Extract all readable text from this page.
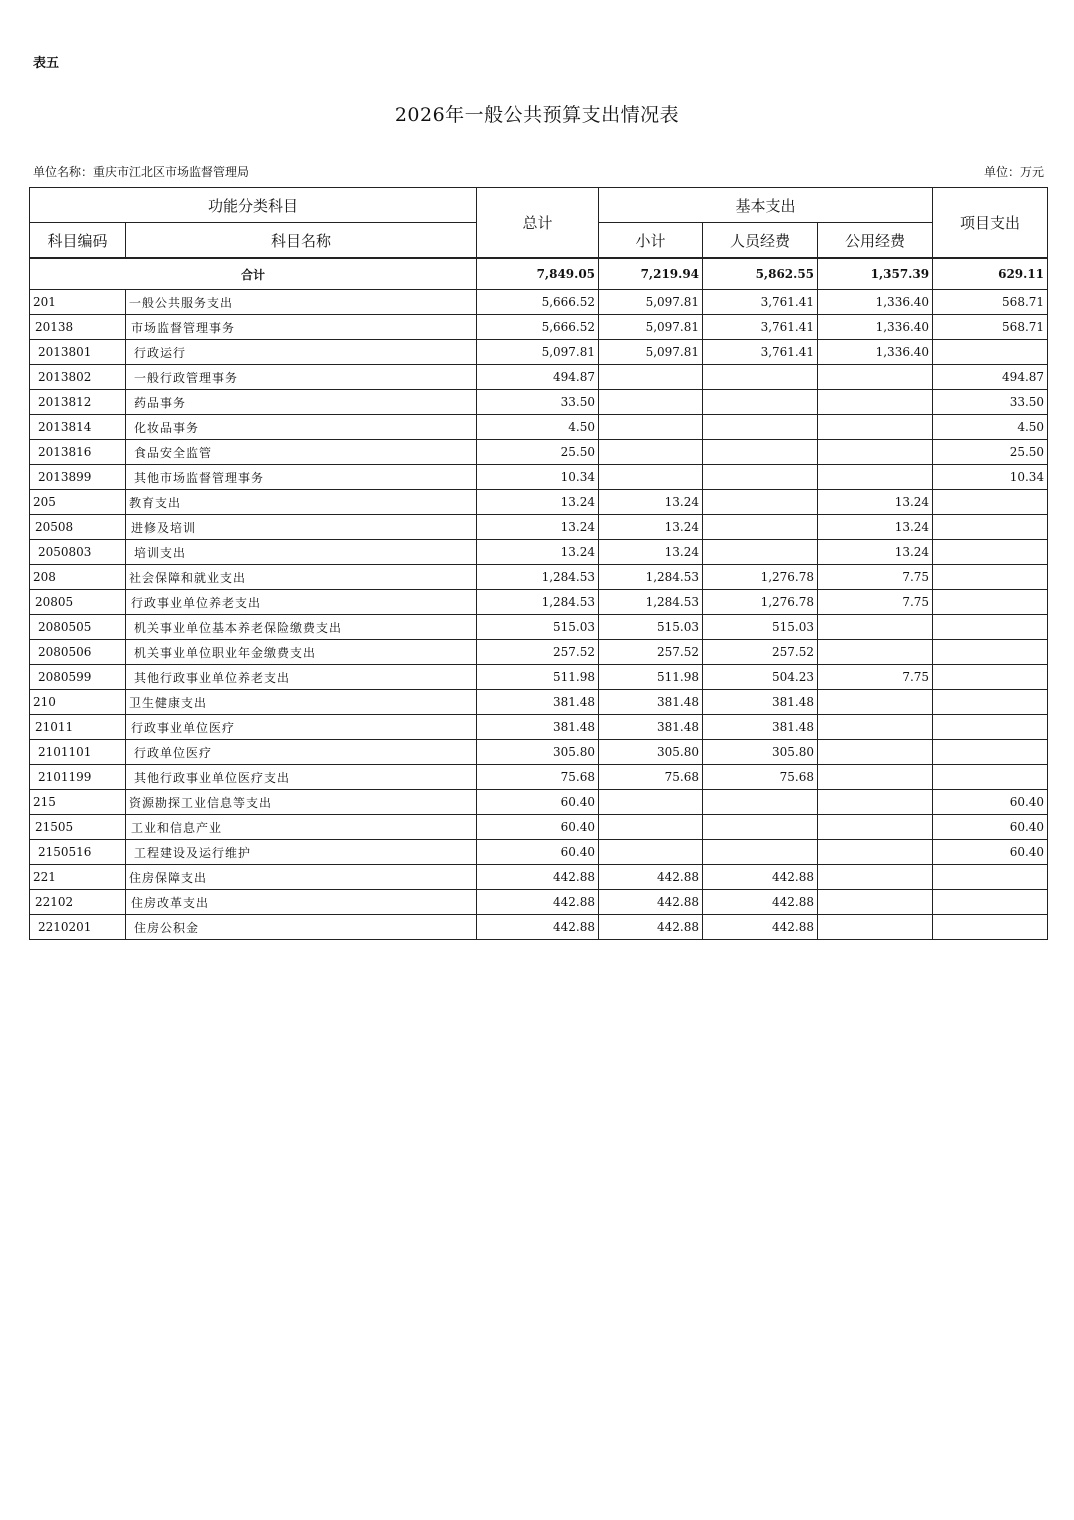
表五
2026年一般公共预算支出情况表
单位名称：重庆市江北区市场监督管理局	单位：万元
功能分类科目		总计	基本支出			项目支出
科目编码	科目名称		小计	人员经费	公用经费	
合计		7,849.05	7,219.94	5,862.55	1,357.39	629.11
201	一般公共服务支出	5,666.52	5,097.81	3,761.41	1,336.40	568.71
20138	市场监督管理事务	5,666.52	5,097.81	3,761.41	1,336.40	568.71
2013801	行政运行	5,097.81	5,097.81	3,761.41	1,336.40	
2013802	一般行政管理事务	494.87				494.87
2013812	药品事务	33.50				33.50
2013814	化妆品事务	4.50				4.50
2013816	食品安全监管	25.50				25.50
2013899	其他市场监督管理事务	10.34				10.34
205	教育支出	13.24	13.24		13.24	
20508	进修及培训	13.24	13.24		13.24	
2050803	培训支出	13.24	13.24		13.24	
208	社会保障和就业支出	1,284.53	1,284.53	1,276.78	7.75	
20805	行政事业单位养老支出	1,284.53	1,284.53	1,276.78	7.75	
2080505	机关事业单位基本养老保险缴费支出	515.03	515.03	515.03		
2080506	机关事业单位职业年金缴费支出	257.52	257.52	257.52		
2080599	其他行政事业单位养老支出	511.98	511.98	504.23	7.75	
210	卫生健康支出	381.48	381.48	381.48		
21011	行政事业单位医疗	381.48	381.48	381.48		
2101101	行政单位医疗	305.80	305.80	305.80		
2101199	其他行政事业单位医疗支出	75.68	75.68	75.68		
215	资源勘探工业信息等支出	60.40				60.40
21505	工业和信息产业	60.40				60.40
2150516	工程建设及运行维护	60.40				60.40
221	住房保障支出	442.88	442.88	442.88		
22102	住房改革支出	442.88	442.88	442.88		
2210201	住房公积金	442.88	442.88	442.88		
